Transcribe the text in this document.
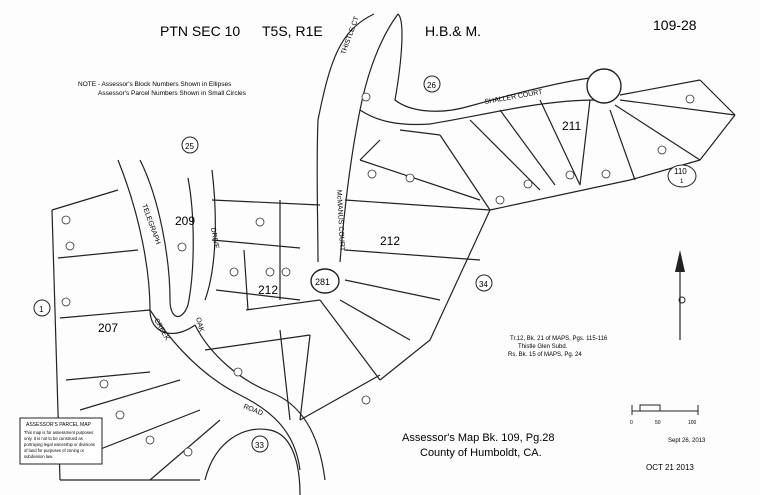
PTN SEC 10 T5S, R1E	H.B.& M.	109-28
NOTE - Assessor's Block Numbers Shown in Ellipses
Assessor's Parcel Numbers Shown in Small Circles
THISTLE CT
SHALLER COURT
McMANUS COURT
TELEGRAPH
CREEK	OAK
DRIVE
ROAD
209
211
212
212
207
25
26
281	34
33
1
110
1
Tr.12, Bk. 21 of MAPS, Pgs. 115-116
Thistle Glen Subd.
Rs. Bk. 15 of MAPS, Pg. 24
ASSESSOR'S PARCEL MAP
This map is for assessment purposes
only. It is not to be construed as
portraying legal ownership or divisions
of land for purposes of zoning or
subdivision law.
0	50	100
Assessor's Map Bk. 109, Pg.28
County of Humboldt, CA.
Sept 26, 2013
OCT 21 2013
